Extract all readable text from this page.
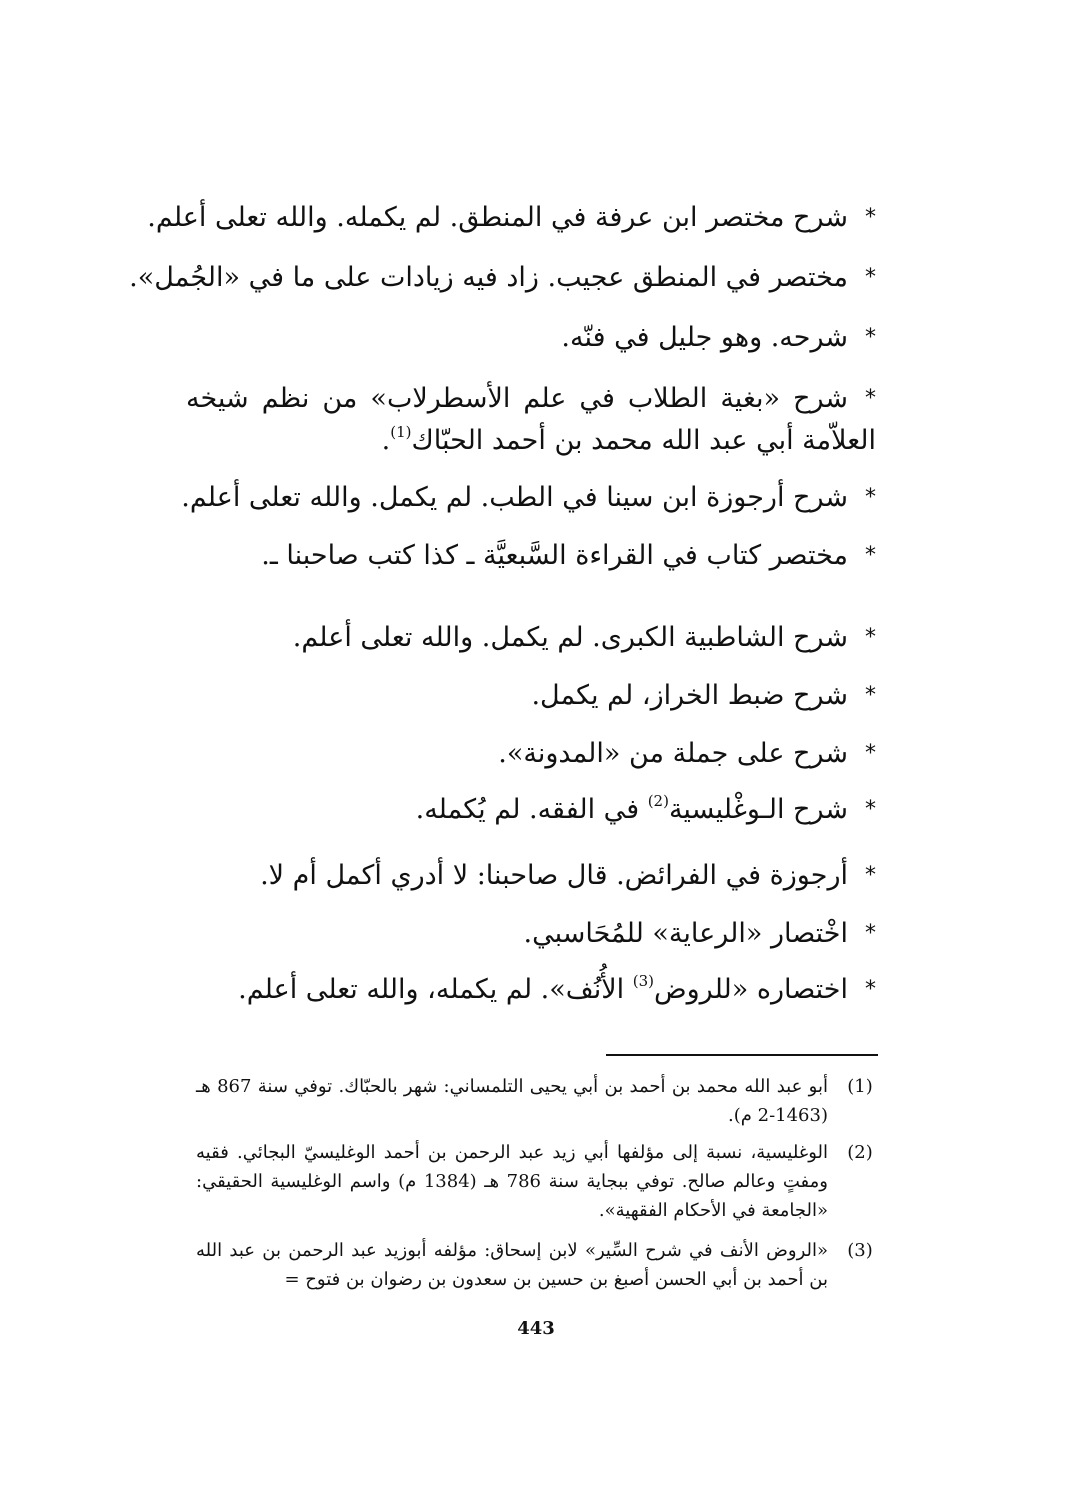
*شرح مختصر ابن عرفة في المنطق. لم يكمله. والله تعلى أعلم.
*مختصر في المنطق عجيب. زاد فيه زيادات على ما في «الجُمل».
*شرحه. وهو جليل في فنّه.
*شرح «بغية الطلاب في علم الأسطرلاب» من نظم شيخه العلاّمة أبي عبد الله محمد بن أحمد الحبّاك$^{(1)}$.
*شرح أرجوزة ابن سينا في الطب. لم يكمل. والله تعلى أعلم.
*مختصر كتاب في القراءة السَّبعيَّة ـ كذا كتب صاحبنا ـ.
*شرح الشاطبية الكبرى. لم يكمل. والله تعلى أعلم.
*شرح ضبط الخراز، لم يكمل.
*شرح على جملة من «المدونة».
*شرح الـوغْليسية$^{(2)}$ في الفقه. لم يُكمله.
*أرجوزة في الفرائض. قال صاحبنا: لا أدري أكمل أم لا.
*اخْتصار «الرعاية» للمُحَاسبي.
*اختصاره «للروض$^{(3)}$ الأُنُف». لم يكمله، والله تعلى أعلم.
(1)
أبو عبد الله محمد بن أحمد بن أبي يحيى التلمساني: شهر بالحبّاك. توفي سنة 867 هـ (1463-2 م).
(2)
الوغليسية، نسبة إلى مؤلفها أبي زيد عبد الرحمن بن أحمد الوغليسيّ البجائي. فقيه ومفتٍ وعالم صالح. توفي ببجاية سنة 786 هـ (1384 م) واسم الوغليسية الحقيقي: «الجامعة في الأحكام الفقهية».
(3)
«الروض الأنف في شرح السِّير» لابن إسحاق: مؤلفه أبوزيد عبد الرحمن بن عبد الله بن أحمد بن أبي الحسن أصبغ بن حسين بن سعدون بن رضوان بن فتوح =
443
